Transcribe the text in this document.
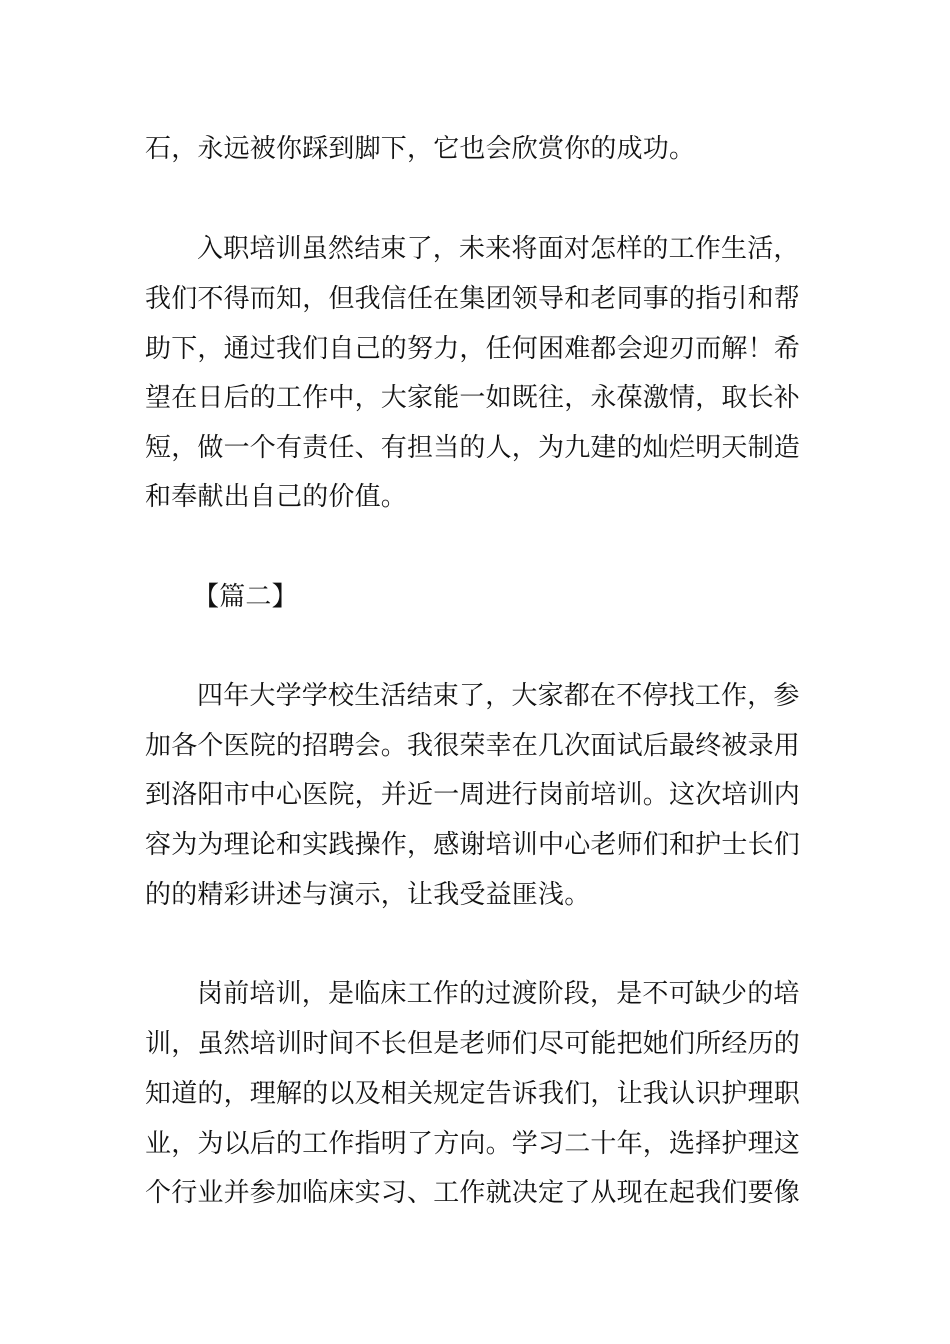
石，永远被你踩到脚下，它也会欣赏你的成功。
入职培训虽然结束了，未来将面对怎样的工作生活，
我们不得而知，但我信任在集团领导和老同事的指引和帮
助下，通过我们自己的努力，任何困难都会迎刃而解！希
望在日后的工作中，大家能一如既往，永葆激情，取长补
短，做一个有责任、有担当的人，为九建的灿烂明天制造
和奉献出自己的价值。
【篇二】
四年大学学校生活结束了，大家都在不停找工作，参
加各个医院的招聘会。我很荣幸在几次面试后最终被录用
到洛阳市中心医院，并近一周进行岗前培训。这次培训内
容为为理论和实践操作，感谢培训中心老师们和护士长们
的的精彩讲述与演示，让我受益匪浅。
岗前培训，是临床工作的过渡阶段，是不可缺少的培
训，虽然培训时间不长但是老师们尽可能把她们所经历的
知道的，理解的以及相关规定告诉我们，让我认识护理职
业，为以后的工作指明了方向。学习二十年，选择护理这
个行业并参加临床实习、工作就决定了从现在起我们要像
